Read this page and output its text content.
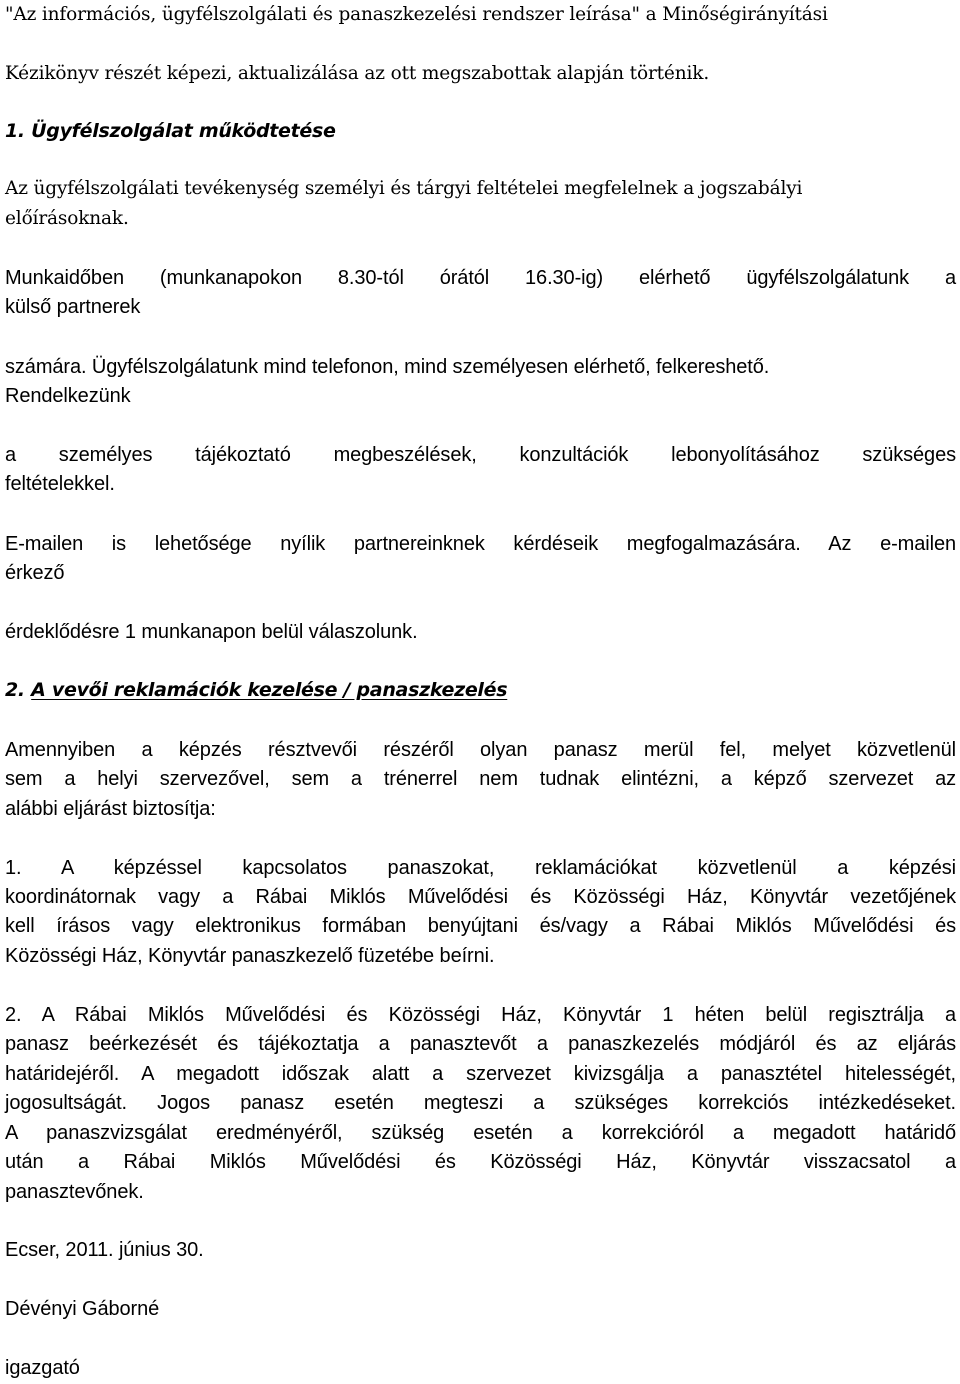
"Az információs, ügyfélszolgálati és panaszkezelési rendszer leírása" a Minőségirányítási
Kézikönyv részét képezi, aktualizálása az ott megszabottak alapján történik.
1. Ügyfélszolgálat működtetése
Az ügyfélszolgálati tevékenység személyi és tárgyi feltételei megfelelnek a jogszabályi
előírásoknak.
Munkaidőben (munkanapokon 8.30-tól órától 16.30-ig) elérhető ügyfélszolgálatunk a
külső partnerek
számára. Ügyfélszolgálatunk mind telefonon, mind személyesen elérhető, felkereshető.
Rendelkezünk
a személyes tájékoztató megbeszélések, konzultációk lebonyolításához szükséges
feltételekkel.
E-mailen is lehetősége nyílik partnereinknek kérdéseik megfogalmazására. Az e-mailen
érkező
érdeklődésre 1 munkanapon belül válaszolunk.
2. A vevői reklamációk kezelése / panaszkezelés
Amennyiben a képzés résztvevői részéről olyan panasz merül fel, melyet közvetlenül
sem a helyi szervezővel, sem a trénerrel nem tudnak elintézni, a képző szervezet az
alábbi eljárást biztosítja:
1. A képzéssel kapcsolatos panaszokat, reklamációkat közvetlenül a képzési
koordinátornak vagy a Rábai Miklós Művelődési és Közösségi Ház, Könyvtár vezetőjének
kell írásos vagy elektronikus formában benyújtani és/vagy a Rábai Miklós Művelődési és
Közösségi Ház, Könyvtár panaszkezelő füzetébe beírni.
2. A Rábai Miklós Művelődési és Közösségi Ház, Könyvtár 1 héten belül regisztrálja a
panasz beérkezését és tájékoztatja a panasztevőt a panaszkezelés módjáról és az eljárás
határidejéről. A megadott időszak alatt a szervezet kivizsgálja a panasztétel hitelességét,
jogosultságát. Jogos panasz esetén megteszi a szükséges korrekciós intézkedéseket.
A panaszvizsgálat eredményéről, szükség esetén a korrekcióról a megadott határidő
után a Rábai Miklós Művelődési és Közösségi Ház, Könyvtár visszacsatol a
panasztevőnek.
Ecser, 2011. június 30.
Dévényi Gáborné
igazgató
